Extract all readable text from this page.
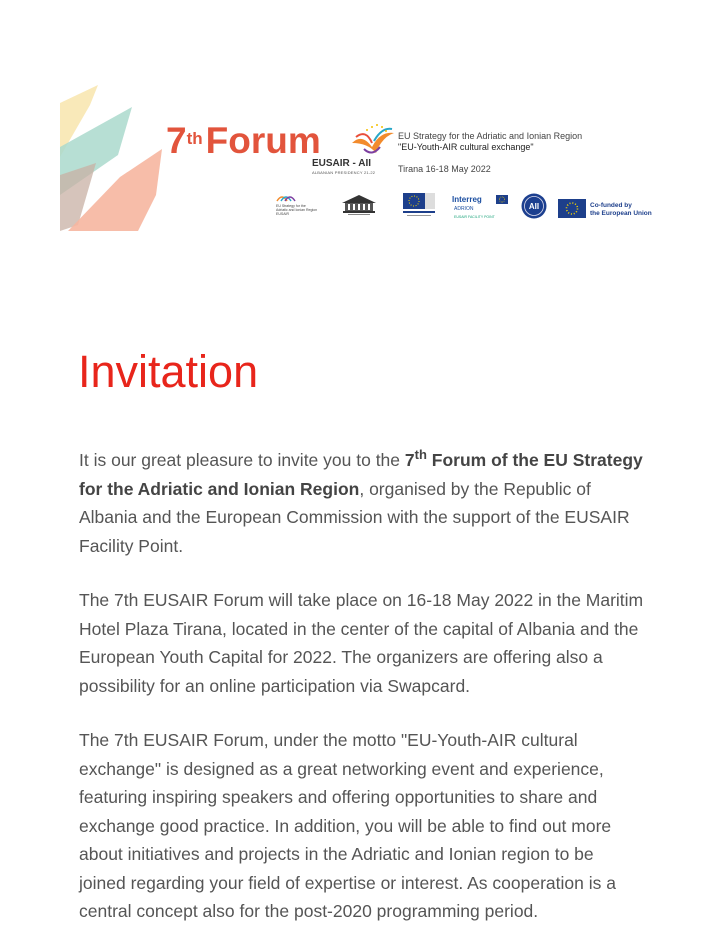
7thForum
EUSAIR - AII
ALBANIAN PRESIDENCY 21-22
EU Strategy for the Adriatic and Ionian Region
"EU-Youth-AIR cultural exchange"
Tirana 16-18 May 2022
EU Strategy for the
Adriatic and Ionian Region
EUSAIR
Interreg
ADRION
EUSAIR FACILITY POINT
AII	Co-funded by
the European Union
Invitation

It is our great pleasure to invite you to the 7th Forum of the EU Strategy for the Adriatic and Ionian Region, organised by the Republic of Albania and the European Commission with the support of the EUSAIR Facility Point.

The 7th EUSAIR Forum will take place on 16-18 May 2022 in the Maritim Hotel Plaza Tirana, located in the center of the capital of Albania and the European Youth Capital for 2022. The organizers are offering also a possibility for an online participation via Swapcard.

The 7th EUSAIR Forum, under the motto "EU-Youth-AIR cultural exchange" is designed as a great networking event and experience, featuring inspiring speakers and offering opportunities to share and exchange good practice. In addition, you will be able to find out more about initiatives and projects in the Adriatic and Ionian region to be joined regarding your field of expertise or interest. As cooperation is a central concept also for the post-2020 programming period.
